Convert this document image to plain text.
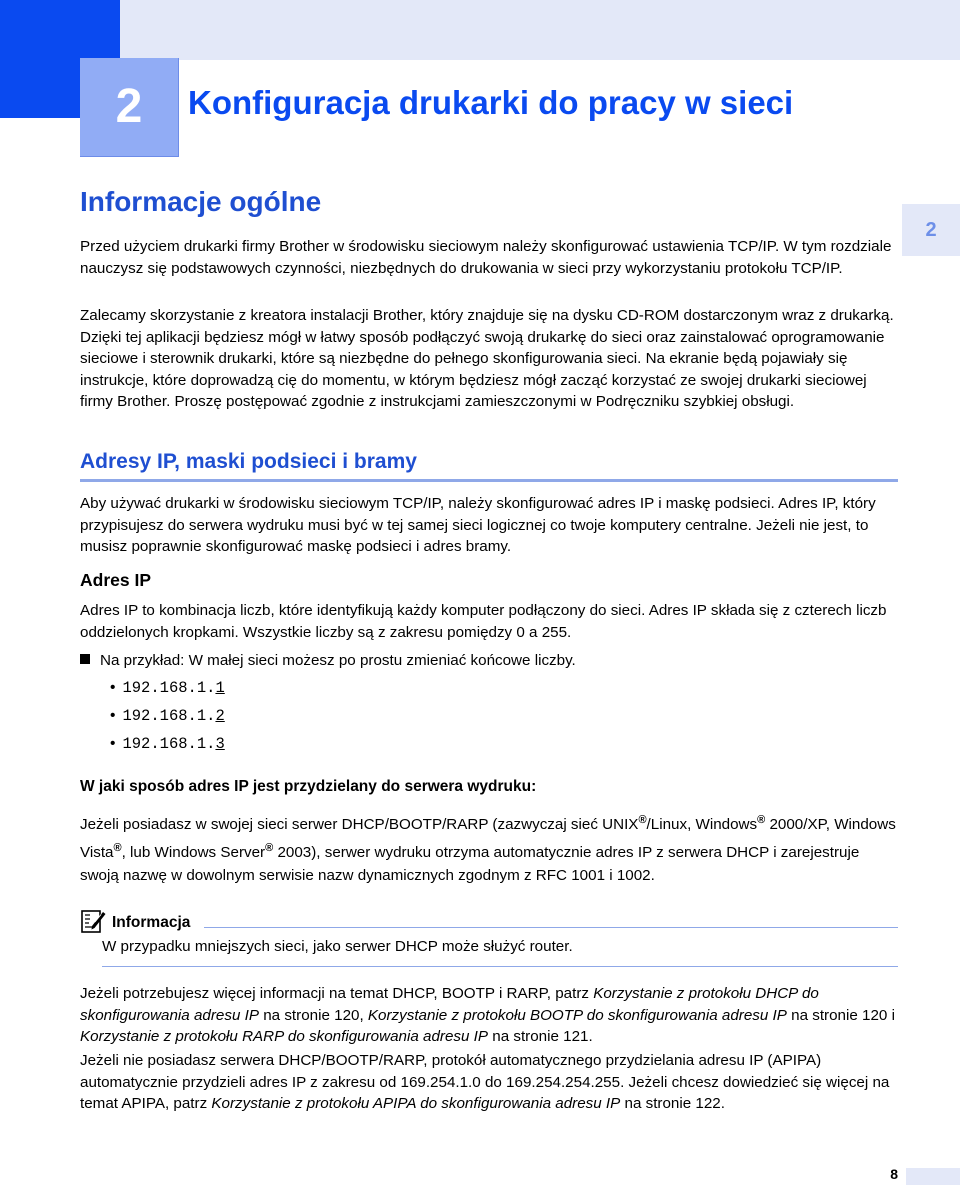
2	Konfiguracja drukarki do pracy w sieci
2
Informacje ogólne
Przed użyciem drukarki firmy Brother w środowisku sieciowym należy skonfigurować ustawienia TCP/IP. W tym rozdziale nauczysz się podstawowych czynności, niezbędnych do drukowania w sieci przy wykorzystaniu protokołu TCP/IP.
Zalecamy skorzystanie z kreatora instalacji Brother, który znajduje się na dysku CD-ROM dostarczonym wraz z drukarką. Dzięki tej aplikacji będziesz mógł w łatwy sposób podłączyć swoją drukarkę do sieci oraz zainstalować oprogramowanie sieciowe i sterownik drukarki, które są niezbędne do pełnego skonfigurowania sieci. Na ekranie będą pojawiały się instrukcje, które doprowadzą cię do momentu, w którym będziesz mógł zacząć korzystać ze swojej drukarki sieciowej firmy Brother. Proszę postępować zgodnie z instrukcjami zamieszczonymi w Podręczniku szybkiej obsługi.
Adresy IP, maski podsieci i bramy
Aby używać drukarki w środowisku sieciowym TCP/IP, należy skonfigurować adres IP i maskę podsieci. Adres IP, który przypisujesz do serwera wydruku musi być w tej samej sieci logicznej co twoje komputery centralne. Jeżeli nie jest, to musisz poprawnie skonfigurować maskę podsieci i adres bramy.
Adres IP
Adres IP to kombinacja liczb, które identyfikują każdy komputer podłączony do sieci. Adres IP składa się z czterech liczb oddzielonych kropkami. Wszystkie liczby są z zakresu pomiędzy 0 a 255.
Na przykład: W małej sieci możesz po prostu zmieniać końcowe liczby.
• 192.168.1.1
• 192.168.1.2
• 192.168.1.3
W jaki sposób adres IP jest przydzielany do serwera wydruku:
Jeżeli posiadasz w swojej sieci serwer DHCP/BOOTP/RARP (zazwyczaj sieć UNIX®/Linux, Windows® 2000/XP, Windows Vista®, lub Windows Server® 2003), serwer wydruku otrzyma automatycznie adres IP z serwera DHCP i zarejestruje swoją nazwę w dowolnym serwisie nazw dynamicznych zgodnym z RFC 1001 i 1002.
Informacja
W przypadku mniejszych sieci, jako serwer DHCP może służyć router.
Jeżeli potrzebujesz więcej informacji na temat DHCP, BOOTP i RARP, patrz Korzystanie z protokołu DHCP do skonfigurowania adresu IP na stronie 120, Korzystanie z protokołu BOOTP do skonfigurowania adresu IP na stronie 120 i Korzystanie z protokołu RARP do skonfigurowania adresu IP na stronie 121.
Jeżeli nie posiadasz serwera DHCP/BOOTP/RARP, protokół automatycznego przydzielania adresu IP (APIPA) automatycznie przydzieli adres IP z zakresu od 169.254.1.0 do 169.254.254.255. Jeżeli chcesz dowiedzieć się więcej na temat APIPA, patrz Korzystanie z protokołu APIPA do skonfigurowania adresu IP na stronie 122.
8
